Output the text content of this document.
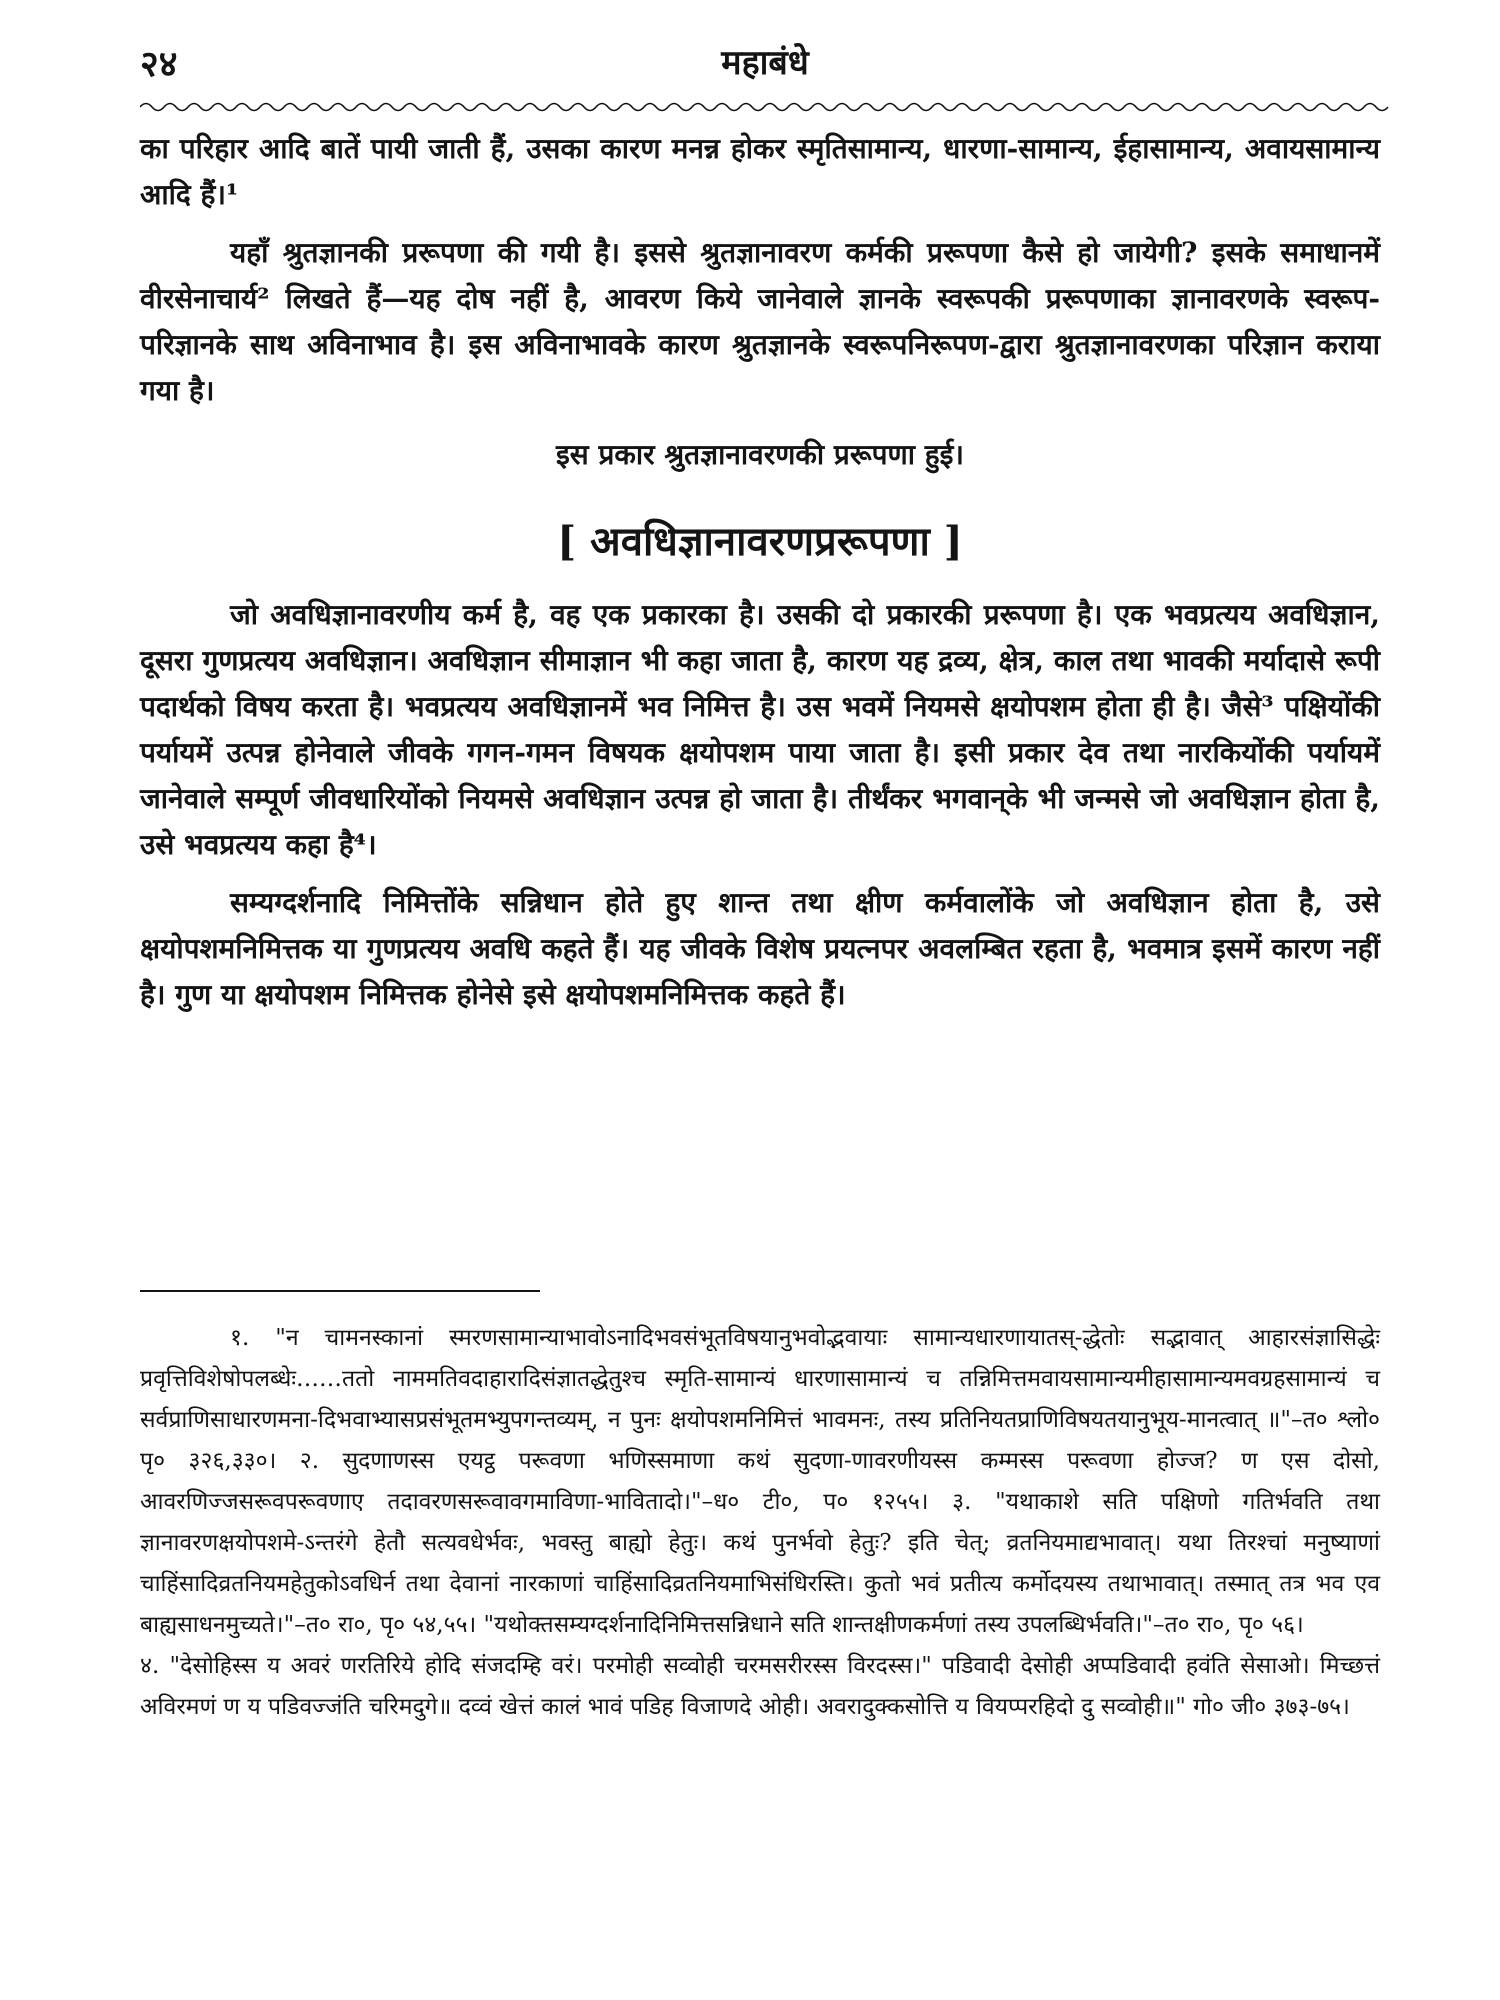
महाबंधे
२४

का परिहार आदि बातें पायी जाती हैं, उसका कारण मनन्न होकर स्मृतिसामान्य, धारणा-सामान्य, ईहासामान्य, अवायसामान्य आदि हैं।¹

यहाँ श्रुतज्ञानकी प्ररूपणा की गयी है। इससे श्रुतज्ञानावरण कर्मकी प्ररूपणा कैसे हो जायेगी? इसके समाधानमें वीरसेनाचार्य² लिखते हैं—यह दोष नहीं है, आवरण किये जानेवाले ज्ञानके स्वरूपकी प्ररूपणाका ज्ञानावरणके स्वरूप-परिज्ञानके साथ अविनाभाव है। इस अविनाभावके कारण श्रुतज्ञानके स्वरूपनिरूपण-द्वारा श्रुतज्ञानावरणका परिज्ञान कराया गया है।

इस प्रकार श्रुतज्ञानावरणकी प्ररूपणा हुई।

[ अवधिज्ञानावरणप्ररूपणा ]

जो अवधिज्ञानावरणीय कर्म है, वह एक प्रकारका है। उसकी दो प्रकारकी प्ररूपणा है। एक भवप्रत्यय अवधिज्ञान, दूसरा गुणप्रत्यय अवधिज्ञान। अवधिज्ञान सीमाज्ञान भी कहा जाता है, कारण यह द्रव्य, क्षेत्र, काल तथा भावकी मर्यादासे रूपी पदार्थको विषय करता है। भवप्रत्यय अवधिज्ञानमें भव निमित्त है। उस भवमें नियमसे क्षयोपशम होता ही है। जैसे³ पक्षियोंकी पर्यायमें उत्पन्न होनेवाले जीवके गगन-गमन विषयक क्षयोपशम पाया जाता है। इसी प्रकार देव तथा नारकियोंकी पर्यायमें जानेवाले सम्पूर्ण जीवधारियोंको नियमसे अवधिज्ञान उत्पन्न हो जाता है। तीर्थंकर भगवान्‌के भी जन्मसे जो अवधिज्ञान होता है, उसे भवप्रत्यय कहा है⁴।

सम्यग्दर्शनादि निमित्तोंके सन्निधान होते हुए शान्त तथा क्षीण कर्मवालोंके जो अवधिज्ञान होता है, उसे क्षयोपशमनिमित्तक या गुणप्रत्यय अवधि कहते हैं। यह जीवके विशेष प्रयत्नपर अवलम्बित रहता है, भवमात्र इसमें कारण नहीं है। गुण या क्षयोपशम निमित्तक होनेसे इसे क्षयोपशमनिमित्तक कहते हैं।

१. "न चामनस्कानां स्मरणसामान्याभावोऽनादिभवसंभूतविषयानुभवोद्भवायाः सामान्यधारणायातस्-द्धेतोः सद्भावात् आहारसंज्ञासिद्धेः प्रवृत्तिविशेषोपलब्धेः……ततो नाममतिवदाहारादिसंज्ञातद्धेतुश्च स्मृति-सामान्यं धारणासामान्यं च तन्निमित्तमवायसामान्यमीहासामान्यमवग्रहसामान्यं च सर्वप्राणिसाधारणमना-दिभवाभ्यासप्रसंभूतमभ्युपगन्तव्यम्, न पुनः क्षयोपशमनिमित्तं भावमनः, तस्य प्रतिनियतप्राणिविषयतयानुभूय-मानत्वात् ॥"–त० श्लो० पृ० ३२६,३३०। २. सुदणाणस्स एयट्ठ परूवणा भणिस्समाणा कथं सुदणा-णावरणीयस्स कम्मस्स परूवणा होज्ज? ण एस दोसो, आवरणिज्जसरूवपरूवणाए तदावरणसरूवावगमाविणा-भावितादो।"–ध० टी०, प० १२५५। ३. "यथाकाशे सति पक्षिणो गतिर्भवति तथा ज्ञानावरणक्षयोपशमे-ऽन्तरंगे हेतौ सत्यवधेर्भवः, भवस्तु बाह्यो हेतुः। कथं पुनर्भवो हेतुः? इति चेत्; व्रतनियमाद्यभावात्। यथा तिरश्चां मनुष्याणां चाहिंसादिव्रतनियमहेतुकोऽवधिर्न तथा देवानां नारकाणां चाहिंसादिव्रतनियमाभिसंधिरस्ति। कुतो भवं प्रतीत्य कर्मोदयस्य तथाभावात्। तस्मात् तत्र भव एव बाह्यसाधनमुच्यते।"–त० रा०, पृ० ५४,५५। "यथोक्तसम्यग्दर्शनादिनिमित्तसन्निधाने सति शान्तक्षीणकर्मणां तस्य उपलब्धिर्भवति।"–त० रा०, पृ० ५६।

४. "देसोहिस्स य अवरं णरतिरिये होदि संजदम्हि वरं। परमोही सव्वोही चरमसरीरस्स विरदस्स।" पडिवादी देसोही अप्पडिवादी हवंति सेसाओ। मिच्छत्तं अविरमणं ण य पडिवज्जंति चरिमदुगे॥ दव्वं खेत्तं कालं भावं पडिह विजाणदे ओही। अवरादुक्कसोत्ति य वियप्परहिदो दु सव्वोही॥" गो० जी० ३७३-७५।
